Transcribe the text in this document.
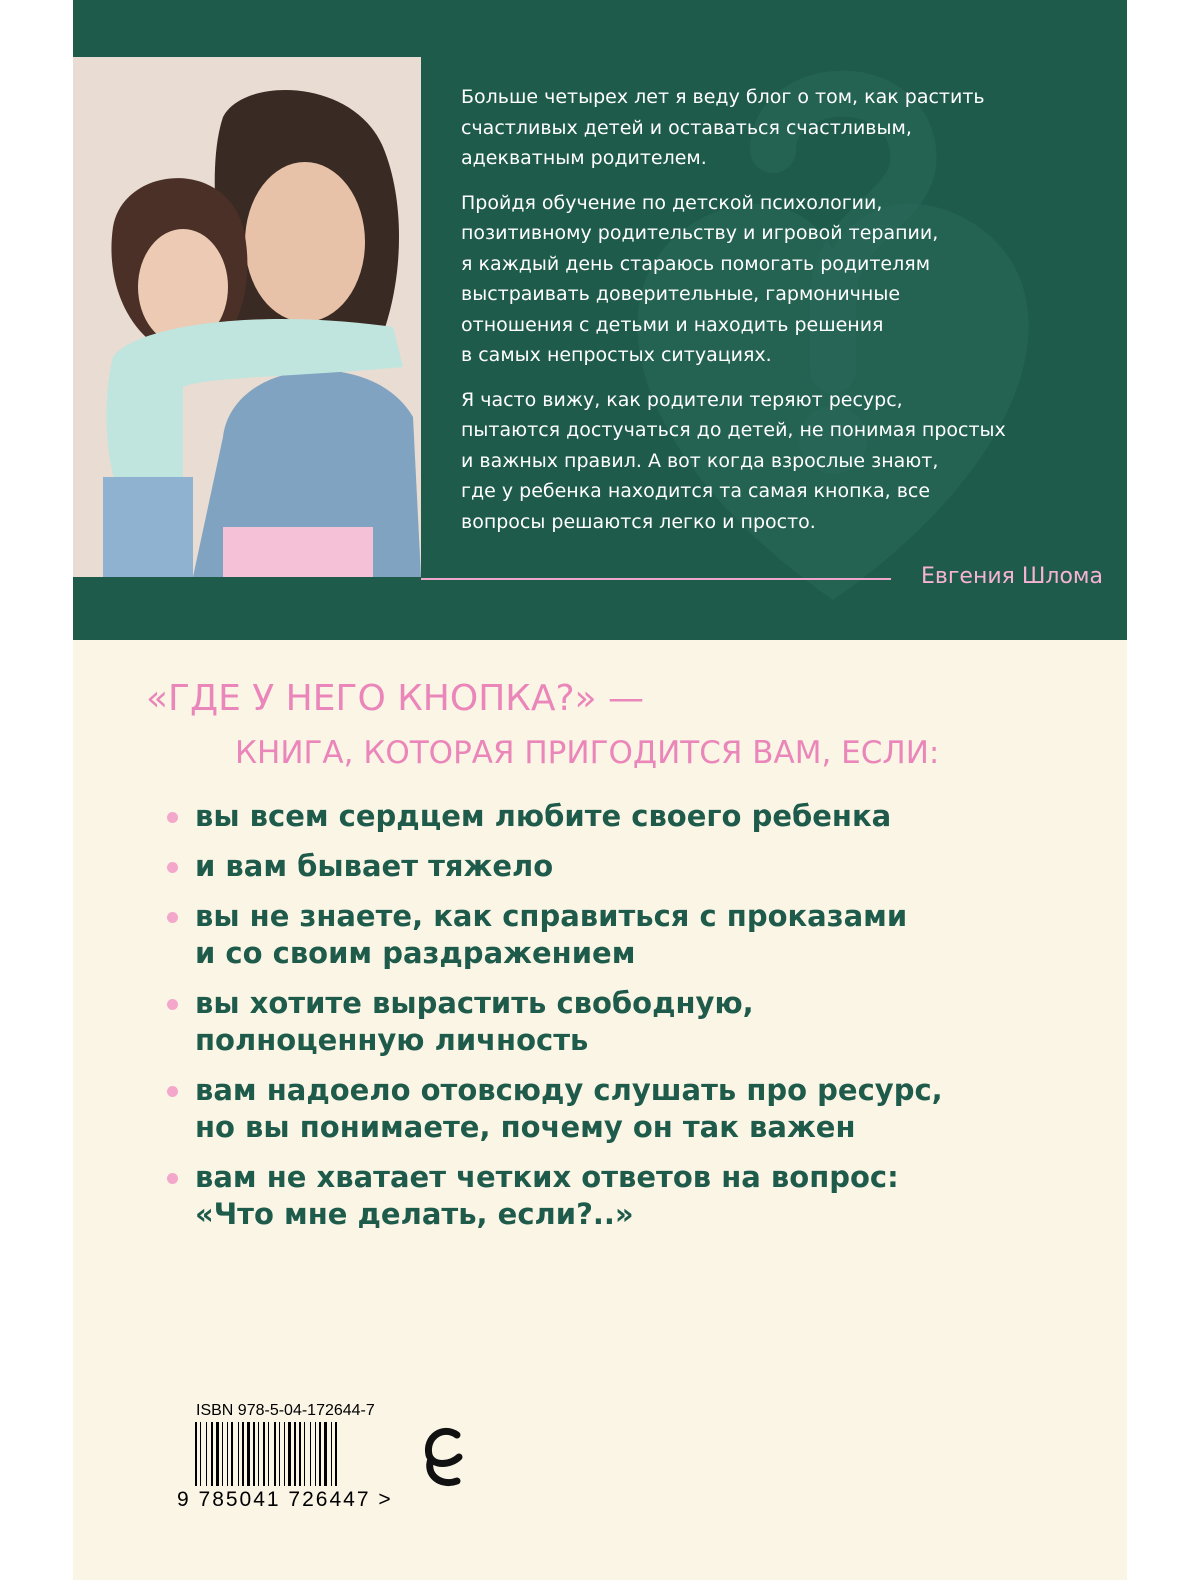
Больше четырех лет я веду блог о том, как растить
счастливых детей и оставаться счастливым,
адекватным родителем.

Пройдя обучение по детской психологии,
позитивному родительству и игровой терапии,
я каждый день стараюсь помогать родителям
выстраивать доверительные, гармоничные
отношения с детьми и находить решения
в самых непростых ситуациях.

Я часто вижу, как родители теряют ресурс,
пытаются достучаться до детей, не понимая простых
и важных правил. А вот когда взрослые знают,
где у ребенка находится та самая кнопка, все
вопросы решаются легко и просто.

Евгения Шлома
«ГДЕ У НЕГО КНОПКА?» —
КНИГА, КОТОРАЯ ПРИГОДИТСЯ ВАМ, ЕСЛИ:
вы всем сердцем любите своего ребенка
и вам бывает тяжело
вы не знаете, как справиться с проказами
и со своим раздражением
вы хотите вырастить свободную,
полноценную личность
вам надоело отовсюду слушать про ресурс,
но вы понимаете, почему он так важен
вам не хватает четких ответов на вопрос:
«Что мне делать, если?..»
ISBN 978-5-04-172644-7
9 785041 726447 >
